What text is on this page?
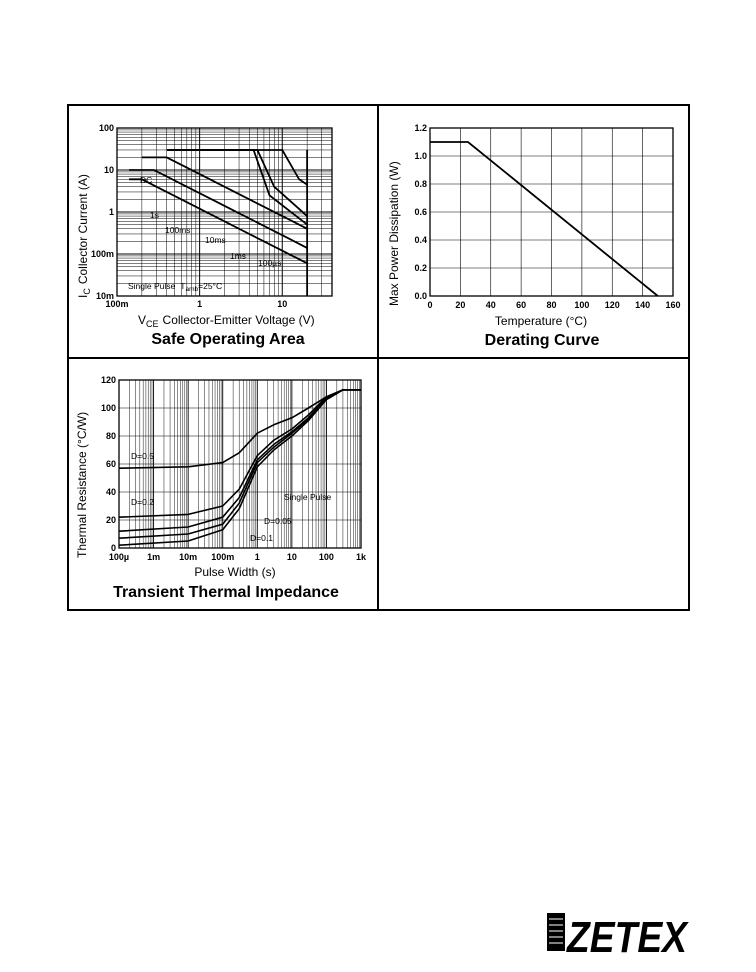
100m	1	10
100
10
1
100m
10m
DC
1s
100ms
10ms
1ms
100µs
Single Pulse $T_{amb}=25^\circ C$
$V_{CE}$ Collector-Emitter Voltage (V)
$I_CCollector$ Current (A)
Safe Operating Area
0	20 40 60 80 100 120 140 160
0.0
0.2
0.4
0.6
0.8
1.0
1.2
Temperature (°C)
Max Power Dissipation (W)
Derating Curve
100µ 1m 10m 100m 1	10 100 1k
0
20
40
60
80
100
120
D=0.5
D=0.2
D=0.1
D=0.05
Single Pulse
Pulse Width (s)
Thermal Resistance (°C/W)
Transient Thermal Impedance
ZETEX
